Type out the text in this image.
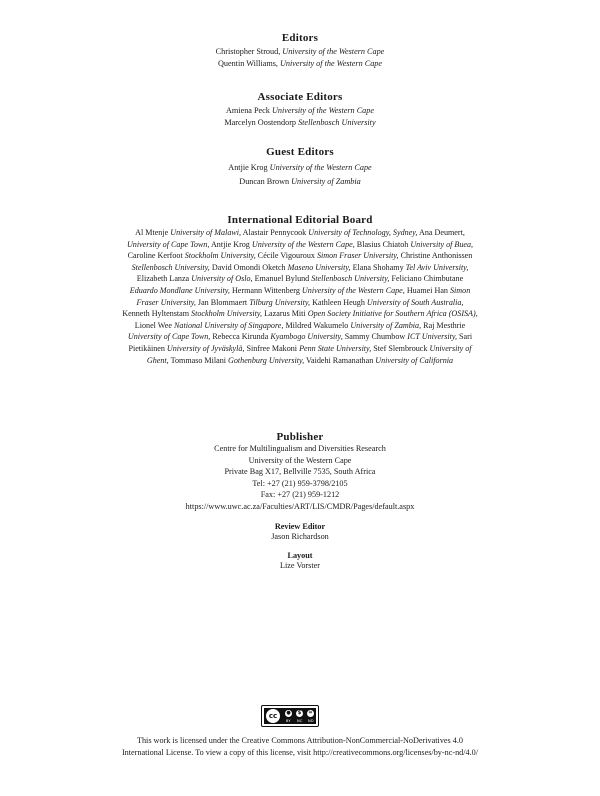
Editors
Christopher Stroud, University of the Western Cape
Quentin Williams, University of the Western Cape
Associate Editors
Amiena Peck University of the Western Cape
Marcelyn Oostendorp Stellenbosch University
Guest Editors
Antjie Krog University of the Western Cape
Duncan Brown University of Zambia
International Editorial Board
Al Mtenje University of Malawi, Alastair Pennycook University of Technology, Sydney, Ana Deumert,
University of Cape Town, Antjie Krog University of the Western Cape, Blasius Chiatoh University of Buea,
Caroline Kerfoot Stockholm University, Cécile Vigouroux Simon Fraser University, Christine Anthonissen
Stellenbosch University, David Omondi Oketch Maseno University, Elana Shohamy Tel Aviv University,
Elizabeth Lanza University of Oslo, Emanuel Bylund Stellenbosch University, Feliciano Chimbutane
Eduardo Mondlane University, Hermann Wittenberg University of the Western Cape, Huamei Han Simon
Fraser University, Jan Blommaert Tilburg University, Kathleen Heugh University of South Australia,
Kenneth Hyltenstam Stockholm University, Lazarus Miti Open Society Initiative for Southern Africa (OSISA),
Lionel Wee National University of Singapore, Mildred Wakumelo University of Zambia, Raj Mesthrie
University of Cape Town, Rebecca Kirunda Kyambogo University, Sammy Chumbow ICT University, Sari
Pietikäinen University of Jyväskylä, Sinfree Makoni Penn State University, Stef Slembrouck University of
Ghent, Tommaso Milani Gothenburg University, Vaidehi Ramanathan University of California
Publisher
Centre for Multilingualism and Diversities Research
University of the Western Cape
Private Bag X17, Bellville 7535, South Africa
Tel: +27 (21) 959-3798/2105
Fax: +27 (21) 959-1212
https://www.uwc.ac.za/Faculties/ART/LIS/CMDR/Pages/default.aspx
Review Editor
Jason Richardson
Layout
Lize Vorster
cc	●	$	=
BY NC ND
This work is licensed under the Creative Commons Attribution-NonCommercial-NoDerivatives 4.0
International License. To view a copy of this license, visit http://creativecommons.org/licenses/by-nc-nd/4.0/
